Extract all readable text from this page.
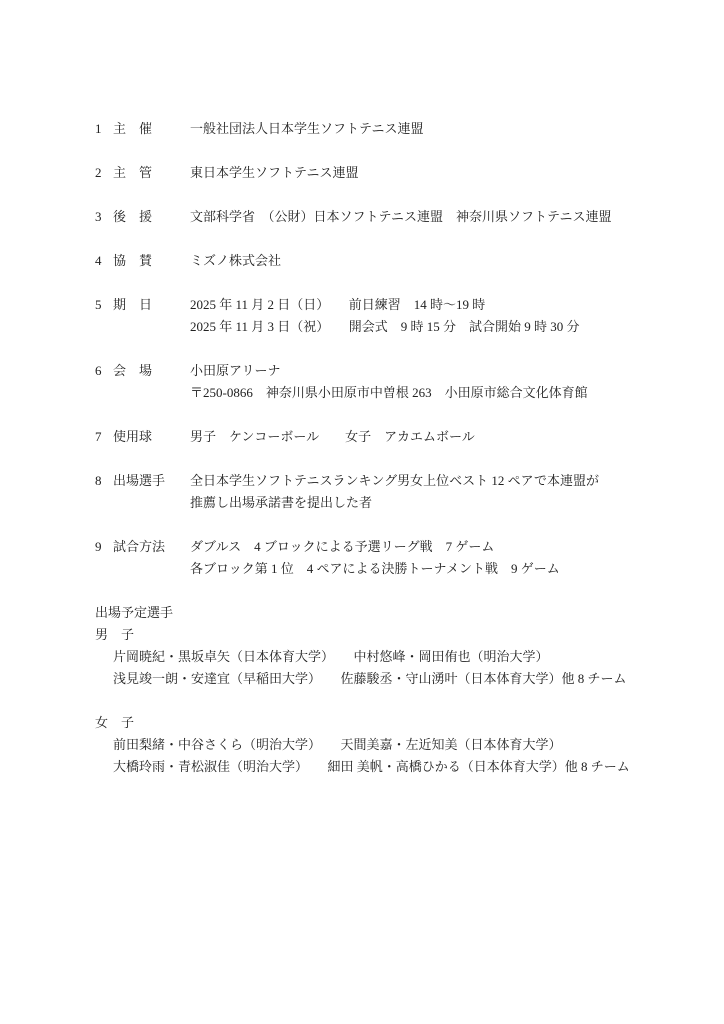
1 主　催	一般社団法人日本学生ソフトテニス連盟
2 主　管	東日本学生ソフトテニス連盟
3 後　援	文部科学省　（公財）日本ソフトテニス連盟　神奈川県ソフトテニス連盟
4 協　賛	ミズノ株式会社
5 期　日	2025 年 11 月 2 日（日）　　前日練習　14 時～19 時
2025 年 11 月 3 日（祝）　　開会式　9 時 15 分　試合開始 9 時 30 分
6 会　場	小田原アリーナ
〒250-0866　神奈川県小田原市中曽根 263　小田原市総合文化体育館
7 使用球	男子　ケンコーボール　　女子　アカエムボール
8 出場選手	全日本学生ソフトテニスランキング男女上位ベスト 12 ペアで本連盟が
推薦し出場承諾書を提出した者
9 試合方法	ダブルス　4 ブロックによる予選リーグ戦　7 ゲーム
各ブロック第 1 位　4 ペアによる決勝トーナメント戦　9 ゲーム
出場予定選手
男　子
片岡暁紀・黒坂卓矢（日本体育大学）　　中村悠峰・岡田侑也（明治大学）
浅見竣一朗・安達宜（早稲田大学）　　佐藤駿丞・守山湧叶（日本体育大学）他 8 チーム
女　子
前田梨緒・中谷さくら（明治大学）　　天間美嘉・左近知美（日本体育大学）
大橋玲雨・青松淑佳（明治大学）　　細田 美帆・高橋ひかる（日本体育大学）他 8 チーム
